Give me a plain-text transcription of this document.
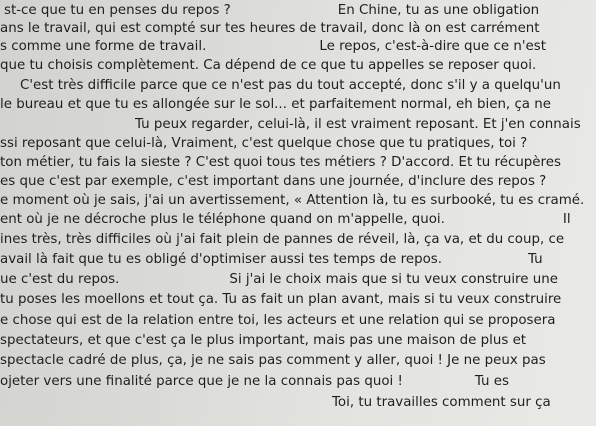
st-ce que tu en penses du repos ?	En Chine, tu as une obligation

ans le travail, qui est compté sur tes heures de travail, donc là on est carrément

s comme une forme de travail.	Le repos, c'est-à-dire que ce n'est

que tu choisis complètement. Ca dépend de ce que tu appelles se reposer quoi.

C'est très difficile parce que ce n'est pas du tout accepté, donc s'il y a quelqu'un

le bureau et que tu es allongée sur le sol... et parfaitement normal, eh bien, ça ne

Tu peux regarder, celui-là, il est vraiment reposant. Et j'en connais

ssi reposant que celui-là, Vraiment, c'est quelque chose que tu pratiques, toi ?

ton métier, tu fais la sieste ? C'est quoi tous tes métiers ? D'accord. Et tu récupères

es que c'est par exemple, c'est important dans une journée, d'inclure des repos ?

e moment où je sais, j'ai un avertissement, « Attention là, tu es surbooké, tu es cramé.

ent où je ne décroche plus le téléphone quand on m'appelle, quoi.	Il

ines très, très difficiles où j'ai fait plein de pannes de réveil, là, ça va, et du coup, ce

avail là fait que tu es obligé d'optimiser aussi tes temps de repos.	Tu

ue c'est du repos.	Si j'ai le choix mais que si tu veux construire une

tu poses les moellons et tout ça. Tu as fait un plan avant, mais si tu veux construire

e chose qui est de la relation entre toi, les acteurs et une relation qui se proposera

spectateurs, et que c'est ça le plus important, mais pas une maison de plus et

spectacle cadré de plus, ça, je ne sais pas comment y aller, quoi ! Je ne peux pas

ojeter vers une finalité parce que je ne la connais pas quoi !	Tu es

Toi, tu travailles comment sur ça
